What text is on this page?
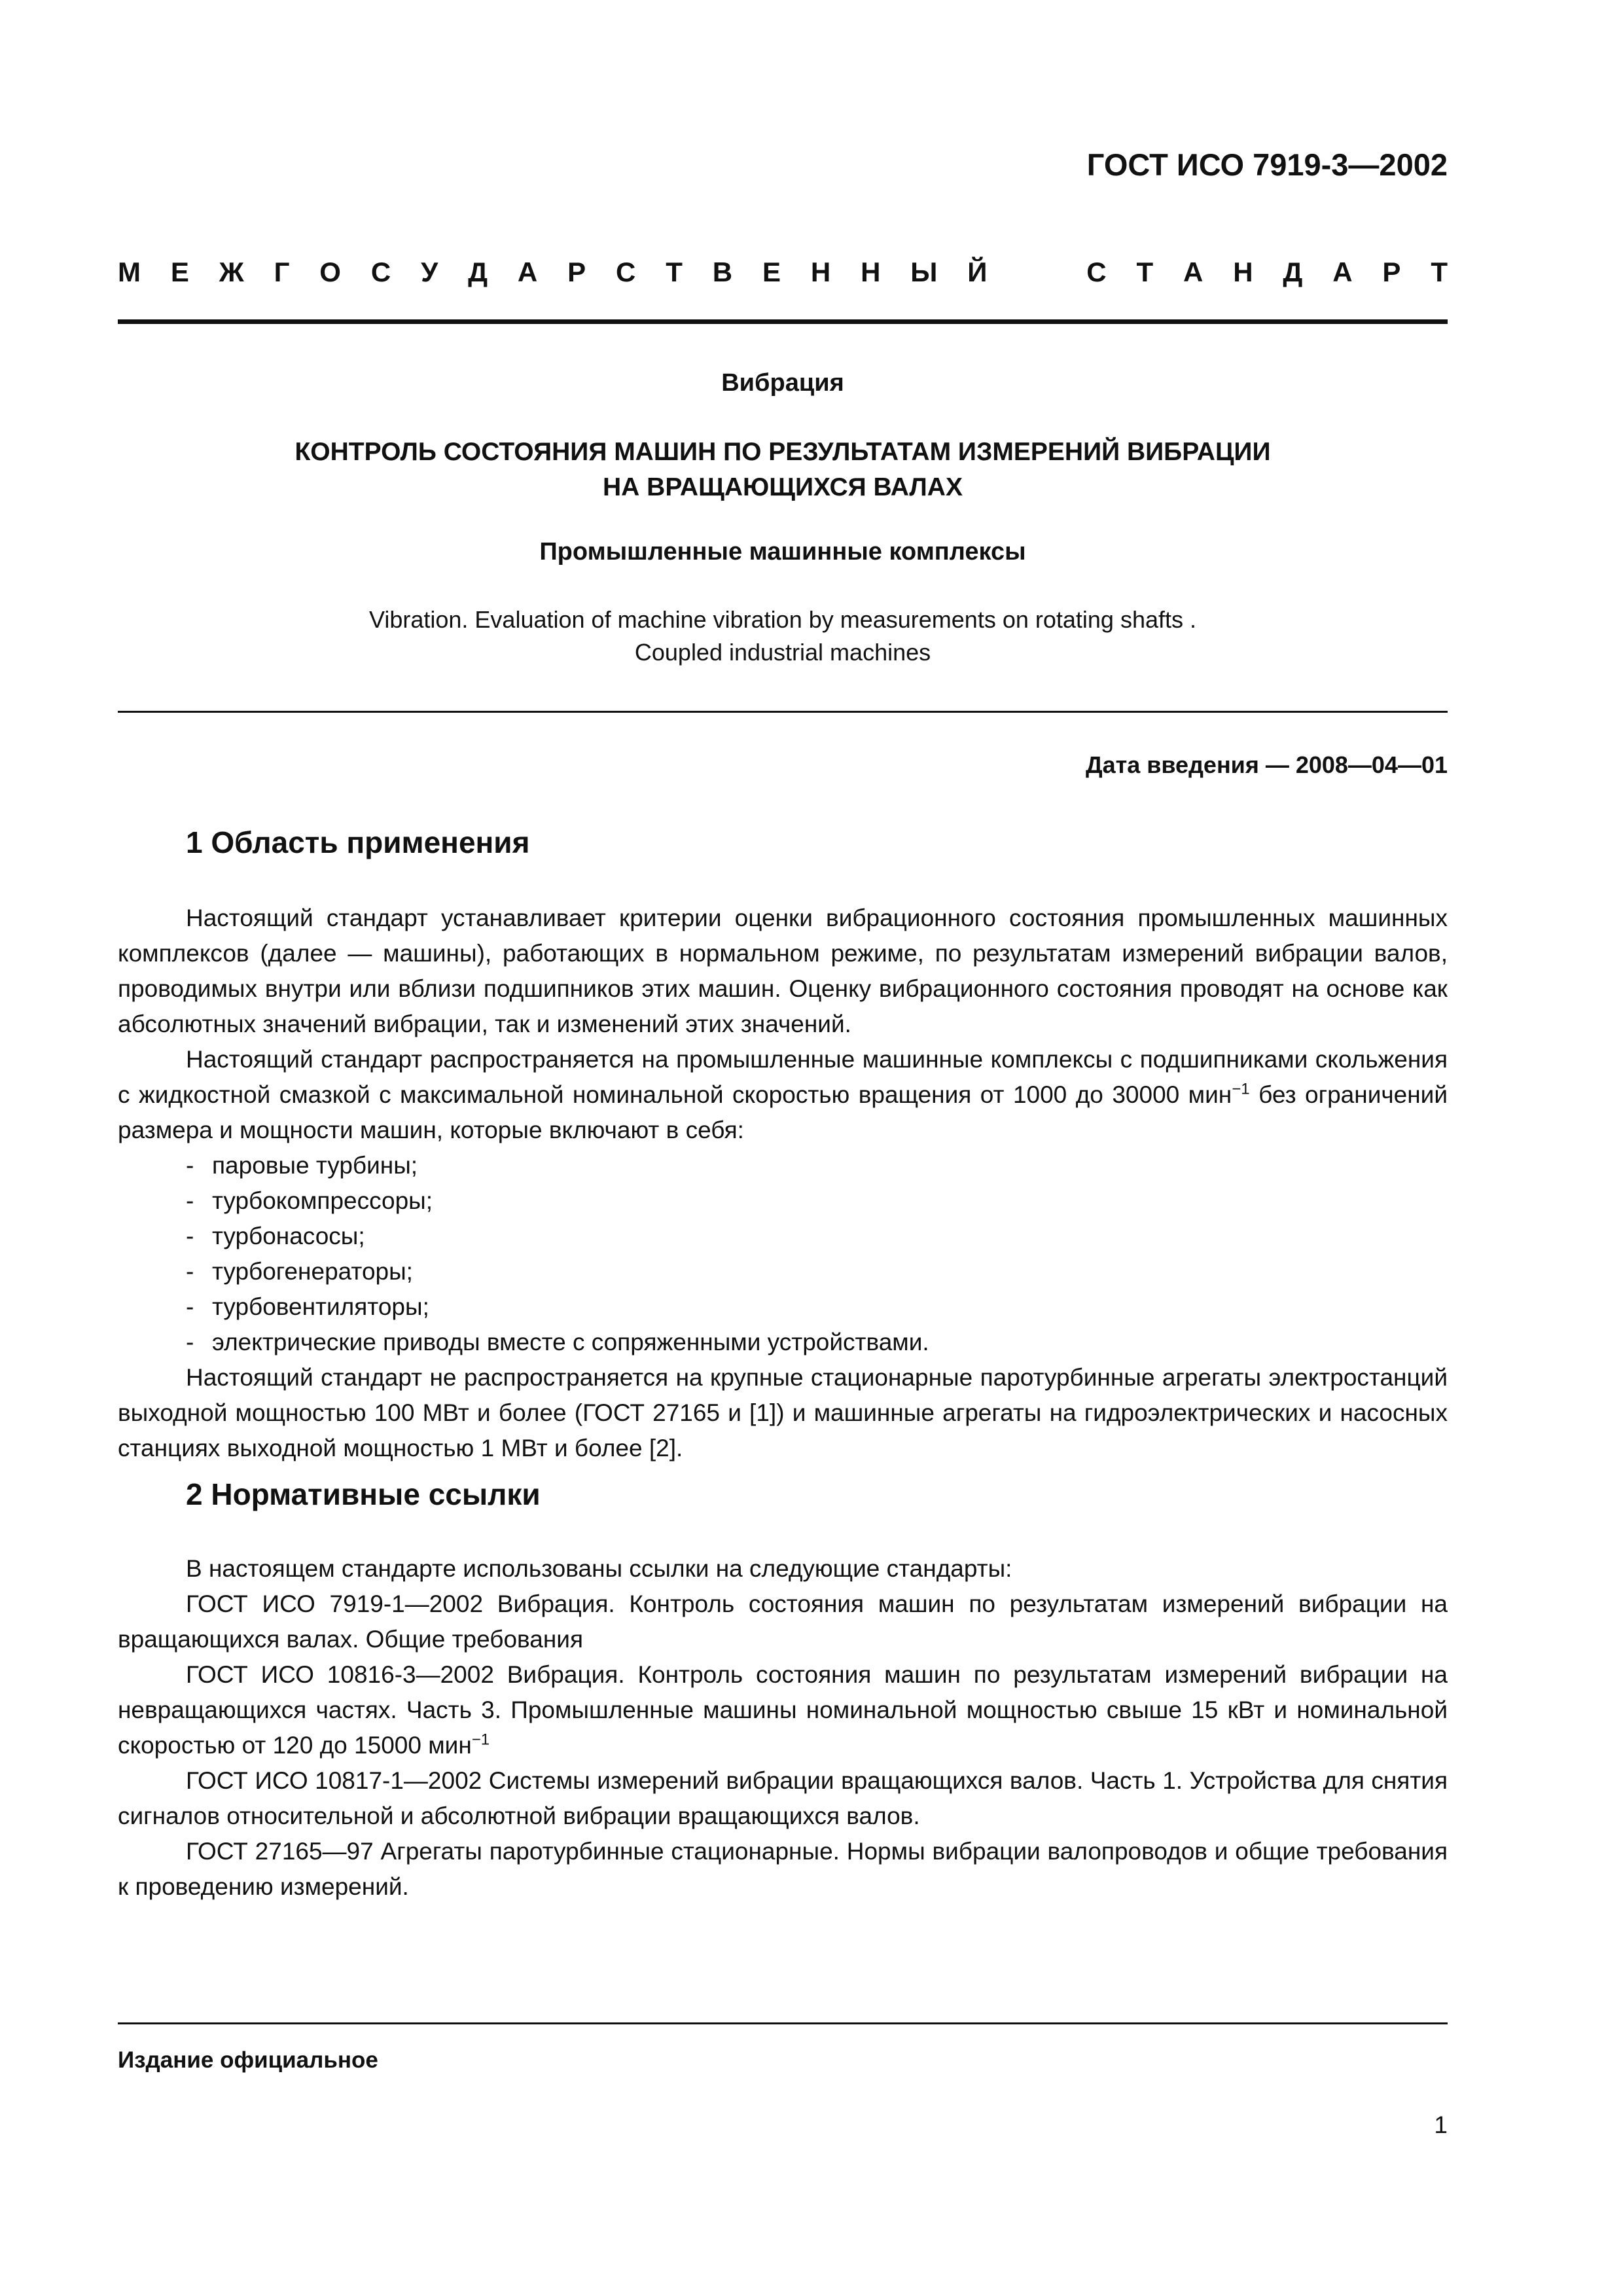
ГОСТ ИСО 7919-3—2002

М Е Ж Г О С У Д А Р С Т В Е Н Н Ы Й	С Т А Н Д А Р Т

Вибрация

КОНТРОЛЬ СОСТОЯНИЯ МАШИН ПО РЕЗУЛЬТАТАМ ИЗМЕРЕНИЙ ВИБРАЦИИ
НА ВРАЩАЮЩИХСЯ ВАЛАХ

Промышленные машинные комплексы

Vibration. Evaluation of machine vibration by measurements on rotating shafts .
Coupled industrial machines

Дата введения — 2008—04—01

1 Область применения

Настоящий стандарт устанавливает критерии оценки вибрационного состояния промышленных машинных комплексов (далее — машины), работающих в нормальном режиме, по результатам измерений вибрации валов, проводимых внутри или вблизи подшипников этих машин. Оценку вибрационного состояния проводят на основе как абсолютных значений вибрации, так и изменений этих значений.

Настоящий стандарт распространяется на промышленные машинные комплексы с подшипниками скольжения с жидкостной смазкой с максимальной номинальной скоростью вращения от 1000 до 30000 мин$^{-1}$ без ограничений размера и мощности машин, которые включают в себя:

- паровые турбины;
- турбокомпрессоры;
- турбонасосы;
- турбогенераторы;
- турбовентиляторы;
- электрические приводы вместе с сопряженными устройствами.

Настоящий стандарт не распространяется на крупные стационарные паротурбинные агрегаты электростанций выходной мощностью 100 МВт и более (ГОСТ 27165 и [1]) и машинные агрегаты на гидроэлектрических и насосных станциях выходной мощностью 1 МВт и более [2].

2 Нормативные ссылки

В настоящем стандарте использованы ссылки на следующие стандарты:

ГОСТ ИСО 7919-1—2002 Вибрация. Контроль состояния машин по результатам измерений вибрации на вращающихся валах. Общие требования

ГОСТ ИСО 10816-3—2002 Вибрация. Контроль состояния машин по результатам измерений вибрации на невращающихся частях. Часть 3. Промышленные машины номинальной мощностью свыше 15 кВт и номинальной скоростью от 120 до 15000 мин$^{-1}$

ГОСТ ИСО 10817-1—2002 Системы измерений вибрации вращающихся валов. Часть 1. Устройства для снятия сигналов относительной и абсолютной вибрации вращающихся валов.

ГОСТ 27165—97 Агрегаты паротурбинные стационарные. Нормы вибрации валопроводов и общие требования к проведению измерений.

Издание официальное

1
